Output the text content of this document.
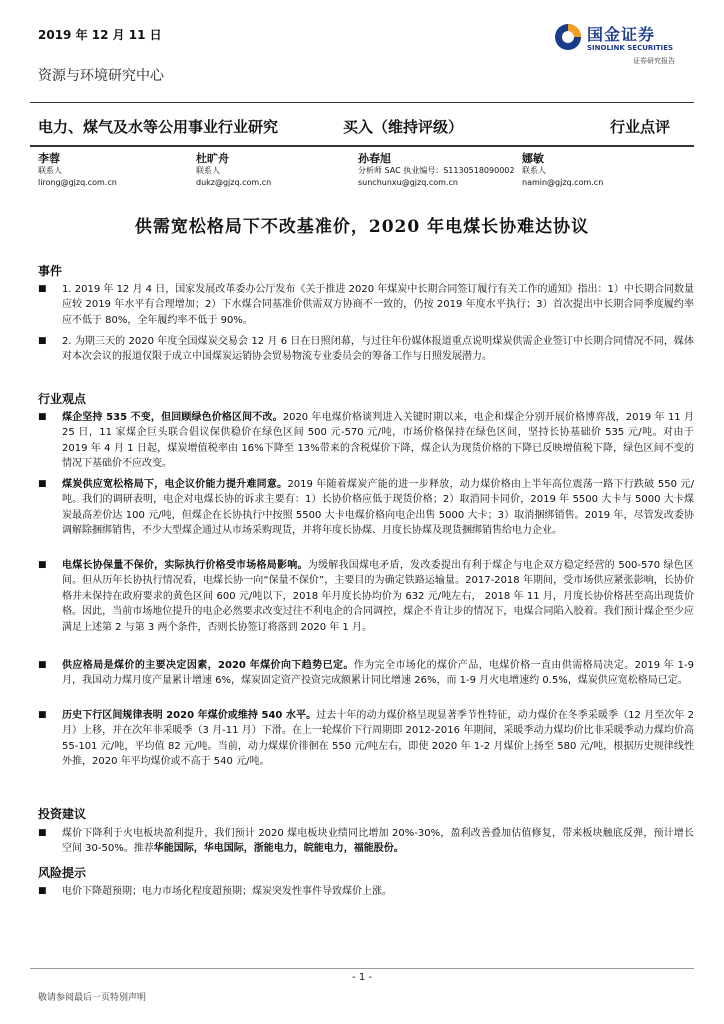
2019 年 12 月 11 日	国金证券
SINOLINK SECURITIES
证券研究报告
资源与环境研究中心
电力、煤气及水等公用事业行业研究	买入（维持评级）	行业点评
李蓉
联系人
lirong@gjzq.com.cn
杜旷舟
联系人
dukz@gjzq.com.cn
孙春旭
分析师 SAC 执业编号：S1130518090002
sunchunxu@gjzq.com.cn
娜敏
联系人
namin@gjzq.com.cn
供需宽松格局下不改基准价，2020 年电煤长协难达协议
事件
■ 1. 2019 年 12 月 4 日，国家发展改革委办公厅发布《关于推进 2020 年煤炭中长期合同签订履行有关工作的通知》指出：1）中长期合同数量应较 2019 年水平有合理增加；2）下水煤合同基准价供需双方协商不一致的，仍按 2019 年度水平执行；3）首次提出中长期合同季度履约率应不低于 80%，全年履约率不低于 90%。
■ 2. 为期三天的 2020 年度全国煤炭交易会 12 月 6 日在日照闭幕，与过往年份媒体报道重点说明煤炭供需企业签订中长期合同情况不同，媒体对本次会议的报道仅限于成立中国煤炭运销协会贸易物流专业委员会的筹备工作与日照发展潜力。
行业观点
■ 煤企坚持 535 不变，但回顾绿色价格区间不改。2020 年电煤价格谈判进入关键时期以来，电企和煤企分别开展价格博弈战，2019 年 11 月 25 日，11 家煤企巨头联合倡议保供稳价在绿色区间 500 元-570 元/吨，市场价格保持在绿色区间，坚持长协基础价 535 元/吨。对由于 2019 年 4 月 1 日起，煤炭增值税率由 16%下降至 13%带来的含税煤价下降，煤企认为现货价格的下降已反映增值税下降，绿色区间不变的情况下基础价不应改变。
■ 煤炭供应宽松格局下，电企议价能力提升难同意。2019 年随着煤炭产能的进一步释放，动力煤价格由上半年高位震荡一路下行跌破 550 元/吨。我们的调研表明，电企对电煤长协的诉求主要有：1）长协价格应低于现货价格；2）取消同卡同价，2019 年 5500 大卡与 5000 大卡煤炭最高差价达 100 元/吨，但煤企在长协执行中按照 5500 大卡电煤价格向电企出售 5000 大卡；3）取消捆绑销售。2019 年，尽管发改委协调解除捆绑销售，不少大型煤企通过从市场采购现货，并将年度长协煤、月度长协煤及现货捆绑销售给电力企业。
■ 电煤长协保量不保价，实际执行价格受市场格局影响。为缓解我国煤电矛盾，发改委提出有利于煤企与电企双方稳定经营的 500-570 绿色区间。但从历年长协执行情况看，电煤长协一向“保量不保价”，主要目的为确定铁路运输量。2017-2018 年期间，受市场供应紧张影响，长协价格并未保持在政府要求的黄色区间 600 元/吨以下，2018 年月度长协均价为 632 元/吨左右， 2018 年 11 月，月度长协价格甚至高出现货价格。因此，当前市场地位提升的电企必然要求改变过往不利电企的合同调控，煤企不肯让步的情况下，电煤合同陷入胶着。我们预计煤企至少应满足上述第 2 与第 3 两个条件，否则长协签订将落到 2020 年 1 月。
■ 供应格局是煤价的主要决定因素，2020 年煤价向下趋势已定。作为完全市场化的煤价产品，电煤价格一直由供需格局决定。2019 年 1-9 月，我国动力煤月度产量累计增速 6%，煤炭固定资产投资完成额累计同比增速 26%，而 1-9 月火电增速约 0.5%，煤炭供应宽松格局已定。
■ 历史下行区间规律表明 2020 年煤价或维持 540 水平。过去十年的动力煤价格呈现显著季节性特征，动力煤价在冬季采暖季（12 月至次年 2 月）上移，并在次年非采暖季（3 月-11 月）下滑。在上一轮煤价下行周期即 2012-2016 年期间，采暖季动力煤均价比非采暖季动力煤均价高 55-101 元/吨，平均值 82 元/吨。当前，动力煤煤价徘徊在 550 元/吨左右，即使 2020 年 1-2 月煤价上扬至 580 元/吨，根据历史规律线性外推，2020 年平均煤价或不高于 540 元/吨。
投资建议
■ 煤价下降利于火电板块盈利提升，我们预计 2020 煤电板块业绩同比增加 20%-30%，盈利改善叠加估值修复，带来板块触底反弹，预计增长空间 30-50%。推荐华能国际，华电国际，浙能电力，皖能电力，福能股份。
风险提示
■ 电价下降超预期；电力市场化程度超预期；煤炭突发性事件导致煤价上涨。
- 1 -
敬请参阅最后一页特别声明
